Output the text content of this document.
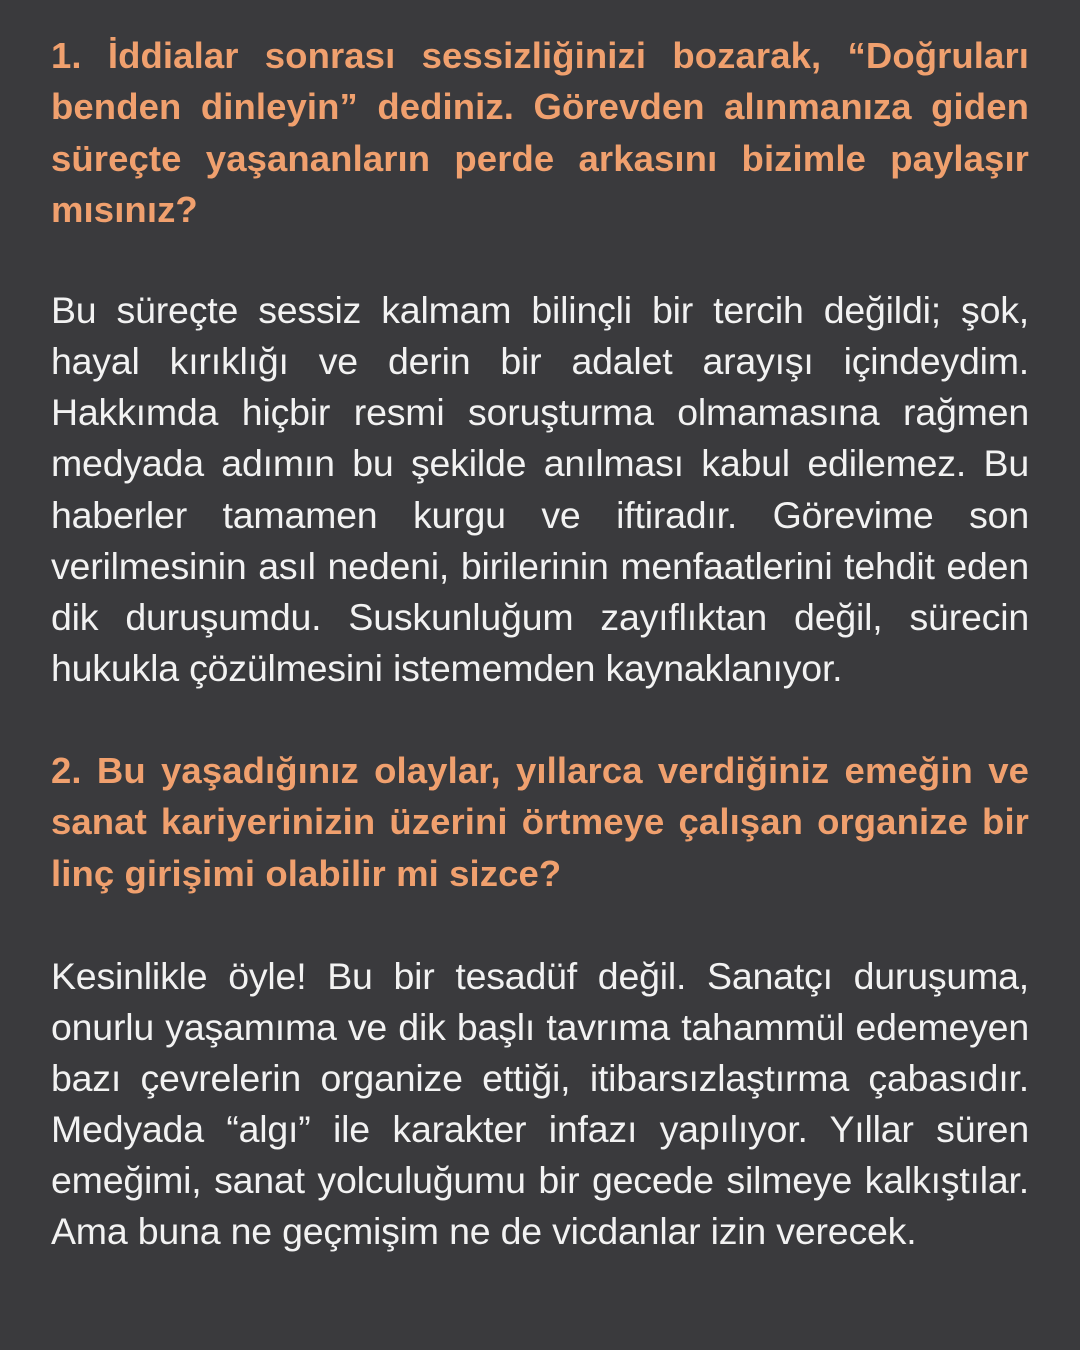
1. İddialar sonrası sessizliğinizi bozarak, “Doğruları benden dinleyin” dediniz. Görevden alınmanıza giden süreçte yaşananların perde arkasını bizimle paylaşır mısınız?

Bu süreçte sessiz kalmam bilinçli bir tercih değildi; şok, hayal kırıklığı ve derin bir adalet arayışı içindeydim. Hakkımda hiçbir resmi soruşturma olmamasına rağmen medyada adımın bu şekilde anılması kabul edilemez. Bu haberler tamamen kurgu ve iftiradır. Görevime son verilmesinin asıl nedeni, birilerinin menfaatlerini tehdit eden dik duruşumdu. Suskunluğum zayıflıktan değil, sürecin hukukla çözülmesini istememden kaynaklanıyor.

2. Bu yaşadığınız olaylar, yıllarca verdiğiniz emeğin ve sanat kariyerinizin üzerini örtmeye çalışan organize bir linç girişimi olabilir mi sizce?

Kesinlikle öyle! Bu bir tesadüf değil. Sanatçı duruşuma, onurlu yaşamıma ve dik başlı tavrıma tahammül edemeyen bazı çevrelerin organize ettiği, itibarsızlaştırma çabasıdır. Medyada “algı” ile karakter infazı yapılıyor. Yıllar süren emeğimi, sanat yolculuğumu bir gecede silmeye kalkıştılar. Ama buna ne geçmişim ne de vicdanlar izin verecek.
